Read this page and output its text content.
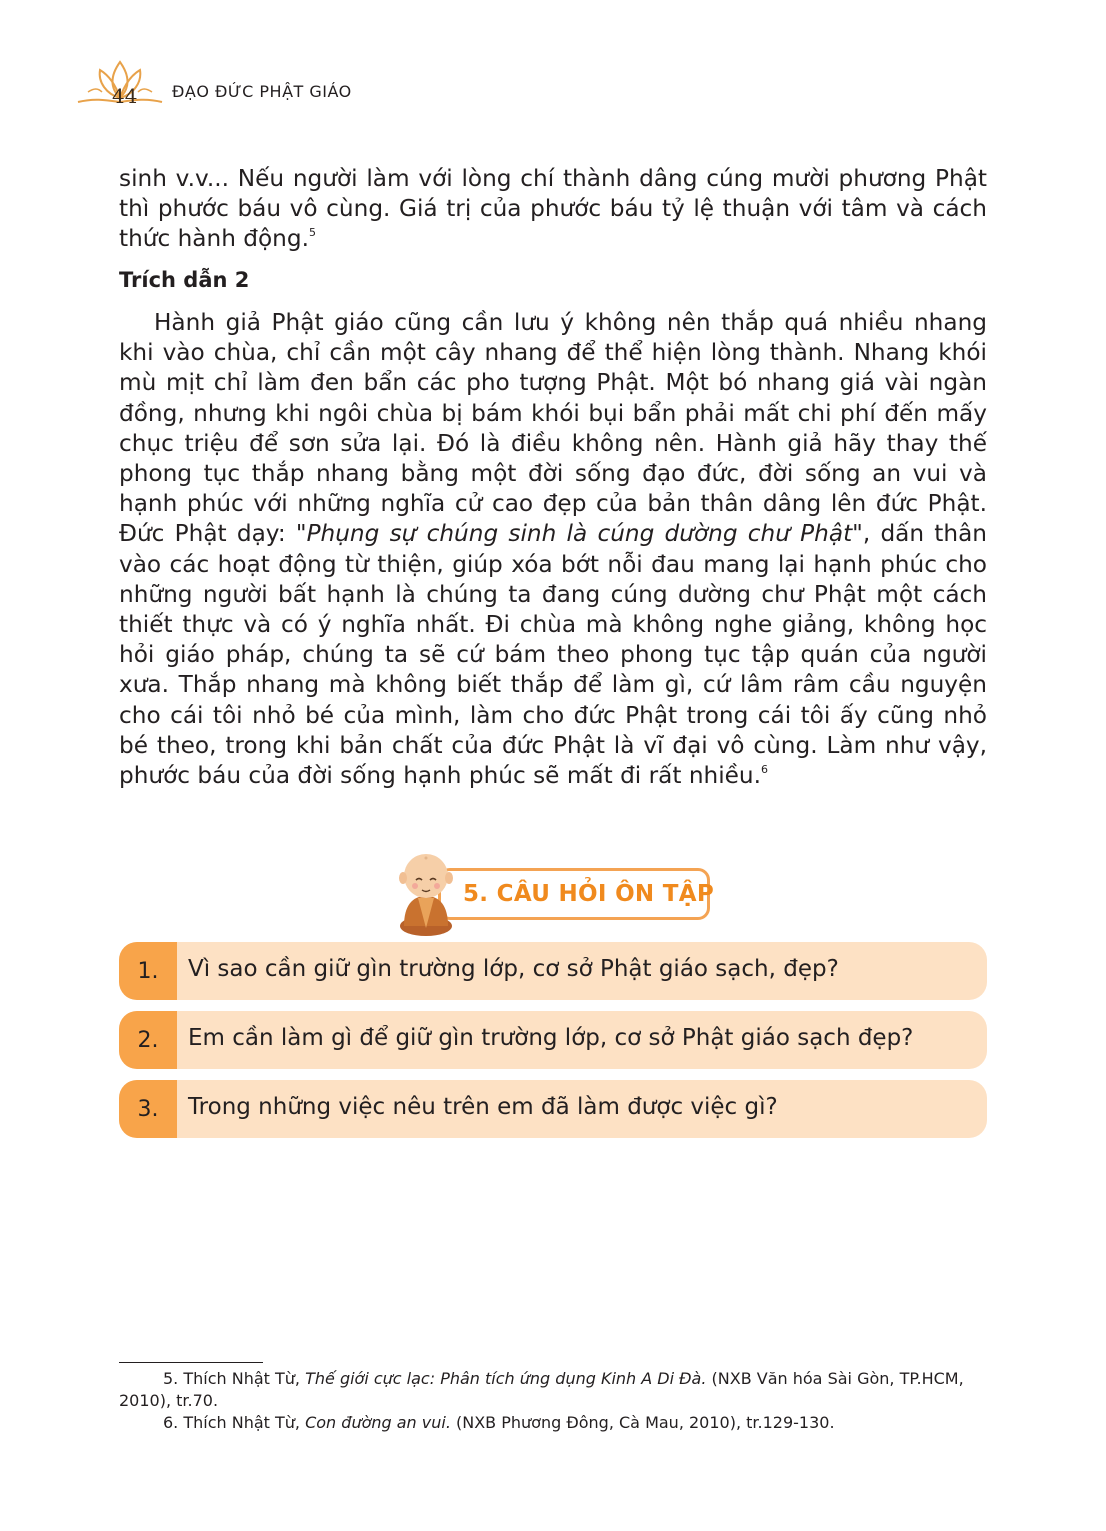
44 ĐẠO ĐỨC PHẬT GIÁO

sinh v.v... Nếu người làm với lòng chí thành dâng cúng mười phương Phật thì phước báu vô cùng. Giá trị của phước báu tỷ lệ thuận với tâm và cách thức hành động.$^5$

Trích dẫn 2

Hành giả Phật giáo cũng cần lưu ý không nên thắp quá nhiều nhang khi vào chùa, chỉ cần một cây nhang để thể hiện lòng thành. Nhang khói mù mịt chỉ làm đen bẩn các pho tượng Phật. Một bó nhang giá vài ngàn đồng, nhưng khi ngôi chùa bị bám khói bụi bẩn phải mất chi phí đến mấy chục triệu để sơn sửa lại. Đó là điều không nên. Hành giả hãy thay thế phong tục thắp nhang bằng một đời sống đạo đức, đời sống an vui và hạnh phúc với những nghĩa cử cao đẹp của bản thân dâng lên đức Phật. Đức Phật dạy: "Phụng sự chúng sinh là cúng dường chư Phật", dấn thân vào các hoạt động từ thiện, giúp xóa bớt nỗi đau mang lại hạnh phúc cho những người bất hạnh là chúng ta đang cúng dường chư Phật một cách thiết thực và có ý nghĩa nhất. Đi chùa mà không nghe giảng, không học hỏi giáo pháp, chúng ta sẽ cứ bám theo phong tục tập quán của người xưa. Thắp nhang mà không biết thắp để làm gì, cứ lâm râm cầu nguyện cho cái tôi nhỏ bé của mình, làm cho đức Phật trong cái tôi ấy cũng nhỏ bé theo, trong khi bản chất của đức Phật là vĩ đại vô cùng. Làm như vậy, phước báu của đời sống hạnh phúc sẽ mất đi rất nhiều.$^6$

5. CÂU HỎI ÔN TẬP
1.	Vì sao cần giữ gìn trường lớp, cơ sở Phật giáo sạch, đẹp?
2.	Em cần làm gì để giữ gìn trường lớp, cơ sở Phật giáo sạch đẹp?
3.	Trong những việc nêu trên em đã làm được việc gì?

5. Thích Nhật Từ, Thế giới cực lạc: Phân tích ứng dụng Kinh A Di Đà. (NXB Văn hóa Sài Gòn, TP.HCM, 2010), tr.70.

6. Thích Nhật Từ, Con đường an vui. (NXB Phương Đông, Cà Mau, 2010), tr.129-130.
